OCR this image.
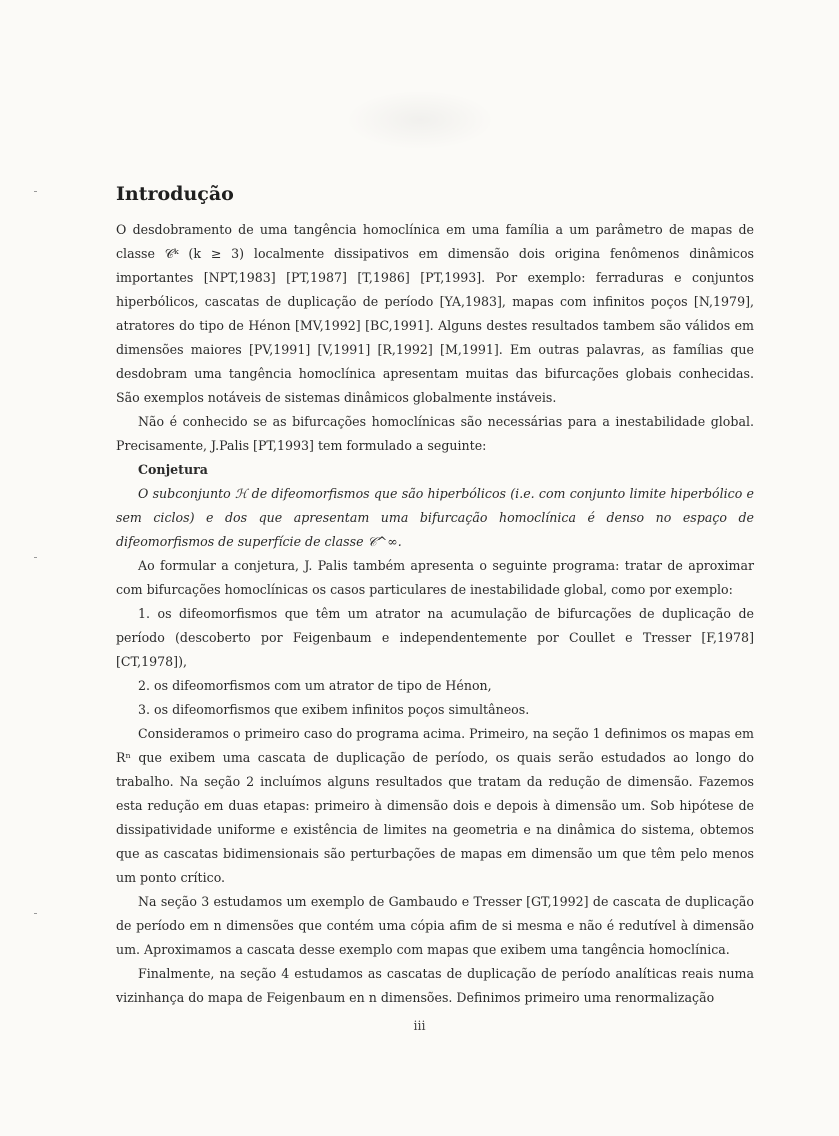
Introdução

O desdobramento de uma tangência homoclínica em uma família a um parâmetro de mapas de classe 𝒞ᵏ (k ≥ 3) localmente dissipativos em dimensão dois origina fenômenos dinâmicos importantes [NPT,1983] [PT,1987] [T,1986] [PT,1993]. Por exemplo: ferraduras e conjuntos hiperbólicos, cascatas de duplicação de período [YA,1983], mapas com infinitos poços [N,1979], atratores do tipo de Hénon [MV,1992] [BC,1991]. Alguns destes resultados tambem são válidos em dimensões maiores [PV,1991] [V,1991] [R,1992] [M,1991]. Em outras palavras, as famílias que desdobram uma tangência homoclínica apresentam muitas das bifurcações globais conhecidas. São exemplos notáveis de sistemas dinâmicos globalmente instáveis.

Não é conhecido se as bifurcações homoclínicas são necessárias para a inestabilidade global. Precisamente, J.Palis [PT,1993] tem formulado a seguinte:

Conjetura

O subconjunto ℋ de difeomorfismos que são hiperbólicos (i.e. com conjunto limite hiperbólico e sem ciclos) e dos que apresentam uma bifurcação homoclínica é denso no espaço de difeomorfismos de superfície de classe 𝒞^∞.

Ao formular a conjetura, J. Palis também apresenta o seguinte programa: tratar de aproximar com bifurcações homoclínicas os casos particulares de inestabilidade global, como por exemplo:

1. os difeomorfismos que têm um atrator na acumulação de bifurcações de duplicação de período (descoberto por Feigenbaum e independentemente por Coullet e Tresser [F,1978] [CT,1978]),
2. os difeomorfismos com um atrator de tipo de Hénon,
3. os difeomorfismos que exibem infinitos poços simultâneos.

Consideramos o primeiro caso do programa acima. Primeiro, na seção 1 definimos os mapas em Rⁿ que exibem uma cascata de duplicação de período, os quais serão estudados ao longo do trabalho. Na seção 2 incluímos alguns resultados que tratam da redução de dimensão. Fazemos esta redução em duas etapas: primeiro à dimensão dois e depois à dimensão um. Sob hipótese de dissipatividade uniforme e existência de limites na geometria e na dinâmica do sistema, obtemos que as cascatas bidimensionais são perturbações de mapas em dimensão um que têm pelo menos um ponto crítico.

Na seção 3 estudamos um exemplo de Gambaudo e Tresser [GT,1992] de cascata de duplicação de período em n dimensões que contém uma cópia afim de si mesma e não é redutível à dimensão um. Aproximamos a cascata desse exemplo com mapas que exibem uma tangência homoclínica.

Finalmente, na seção 4 estudamos as cascatas de duplicação de período analíticas reais numa vizinhança do mapa de Feigenbaum en n dimensões. Definimos primeiro uma renormalização

iii
